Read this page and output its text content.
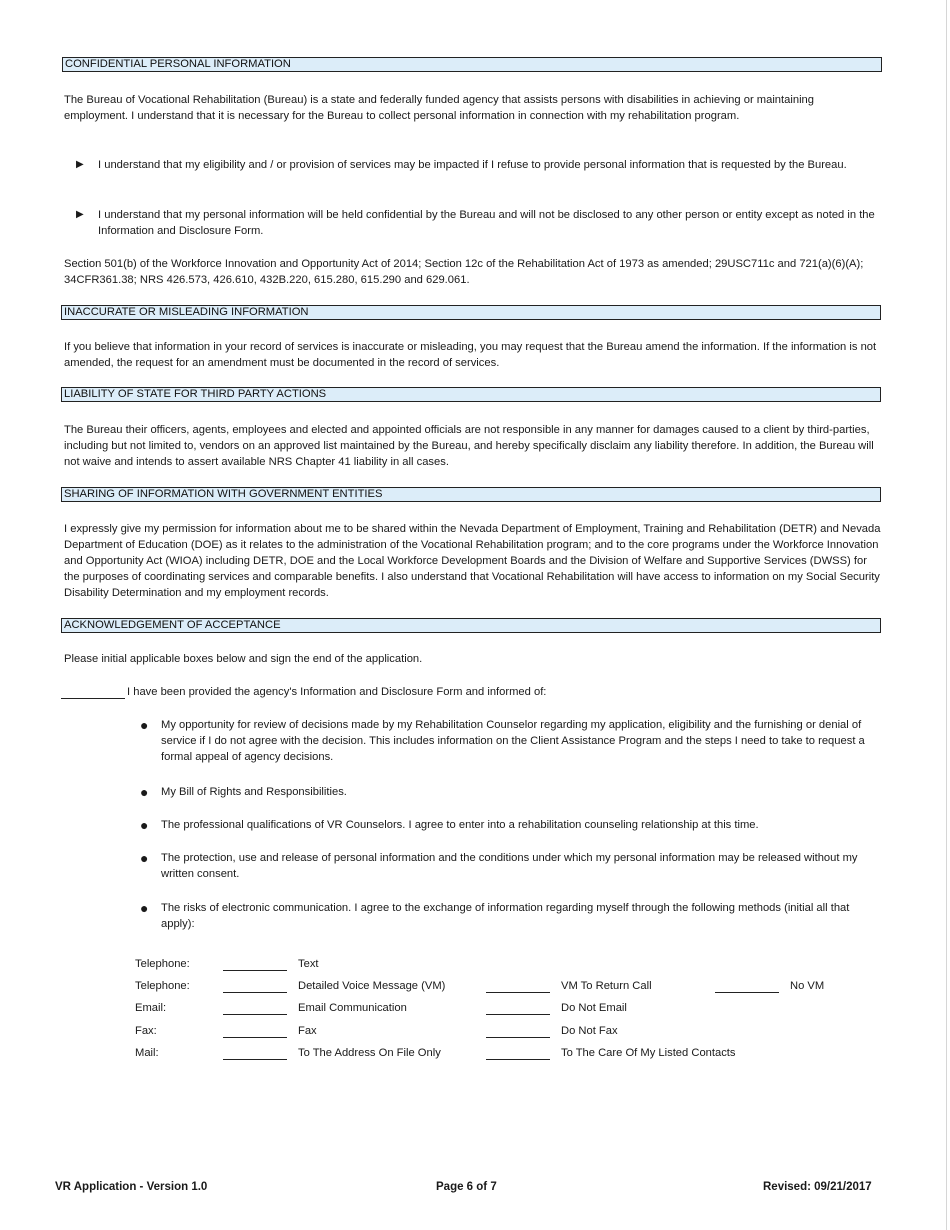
CONFIDENTIAL PERSONAL INFORMATION

The Bureau of Vocational Rehabilitation (Bureau) is a state and federally funded agency that assists persons with disabilities in achieving or maintaining employment. I understand that it is necessary for the Bureau to collect personal information in connection with my rehabilitation program.

▶ I understand that my eligibility and / or provision of services may be impacted if I refuse to provide personal information that is requested by the Bureau.

▶ I understand that my personal information will be held confidential by the Bureau and will not be disclosed to any other person or entity except as noted in the Information and Disclosure Form.

Section 501(b) of the Workforce Innovation and Opportunity Act of 2014; Section 12c of the Rehabilitation Act of 1973 as amended; 29USC711c and 721(a)(6)(A); 34CFR361.38; NRS 426.573, 426.610, 432B.220, 615.280, 615.290 and 629.061.

INACCURATE OR MISLEADING INFORMATION

If you believe that information in your record of services is inaccurate or misleading, you may request that the Bureau amend the information. If the information is not amended, the request for an amendment must be documented in the record of services.

LIABILITY OF STATE FOR THIRD PARTY ACTIONS

The Bureau their officers, agents, employees and elected and appointed officials are not responsible in any manner for damages caused to a client by third-parties, including but not limited to, vendors on an approved list maintained by the Bureau, and hereby specifically disclaim any liability therefore. In addition, the Bureau will not waive and intends to assert available NRS Chapter 41 liability in all cases.

SHARING OF INFORMATION WITH GOVERNMENT ENTITIES

I expressly give my permission for information about me to be shared within the Nevada Department of Employment, Training and Rehabilitation (DETR) and Nevada Department of Education (DOE) as it relates to the administration of the Vocational Rehabilitation program; and to the core programs under the Workforce Innovation and Opportunity Act (WIOA) including DETR, DOE and the Local Workforce Development Boards and the Division of Welfare and Supportive Services (DWSS) for the purposes of coordinating services and comparable benefits. I also understand that Vocational Rehabilitation will have access to information on my Social Security Disability Determination and my employment records.

ACKNOWLEDGEMENT OF ACCEPTANCE

Please initial applicable boxes below and sign the end of the application.

I have been provided the agency's Information and Disclosure Form and informed of:

● My opportunity for review of decisions made by my Rehabilitation Counselor regarding my application, eligibility and the furnishing or denial of service if I do not agree with the decision. This includes information on the Client Assistance Program and the steps I need to take to request a formal appeal of agency decisions.

● My Bill of Rights and Responsibilities.

● The professional qualifications of VR Counselors. I agree to enter into a rehabilitation counseling relationship at this time.

● The protection, use and release of personal information and the conditions under which my personal information may be released without my written consent.

● The risks of electronic communication. I agree to the exchange of information regarding myself through the following methods (initial all that apply):

Telephone:	Text
Telephone:	Detailed Voice Message (VM)	VM To Return Call	No VM
Email:	Email Communication	Do Not Email
Fax:	Fax	Do Not Fax
Mail:	To The Address On File Only	To The Care Of My Listed Contacts
VR Application - Version 1.0	Page 6 of 7	Revised: 09/21/2017
